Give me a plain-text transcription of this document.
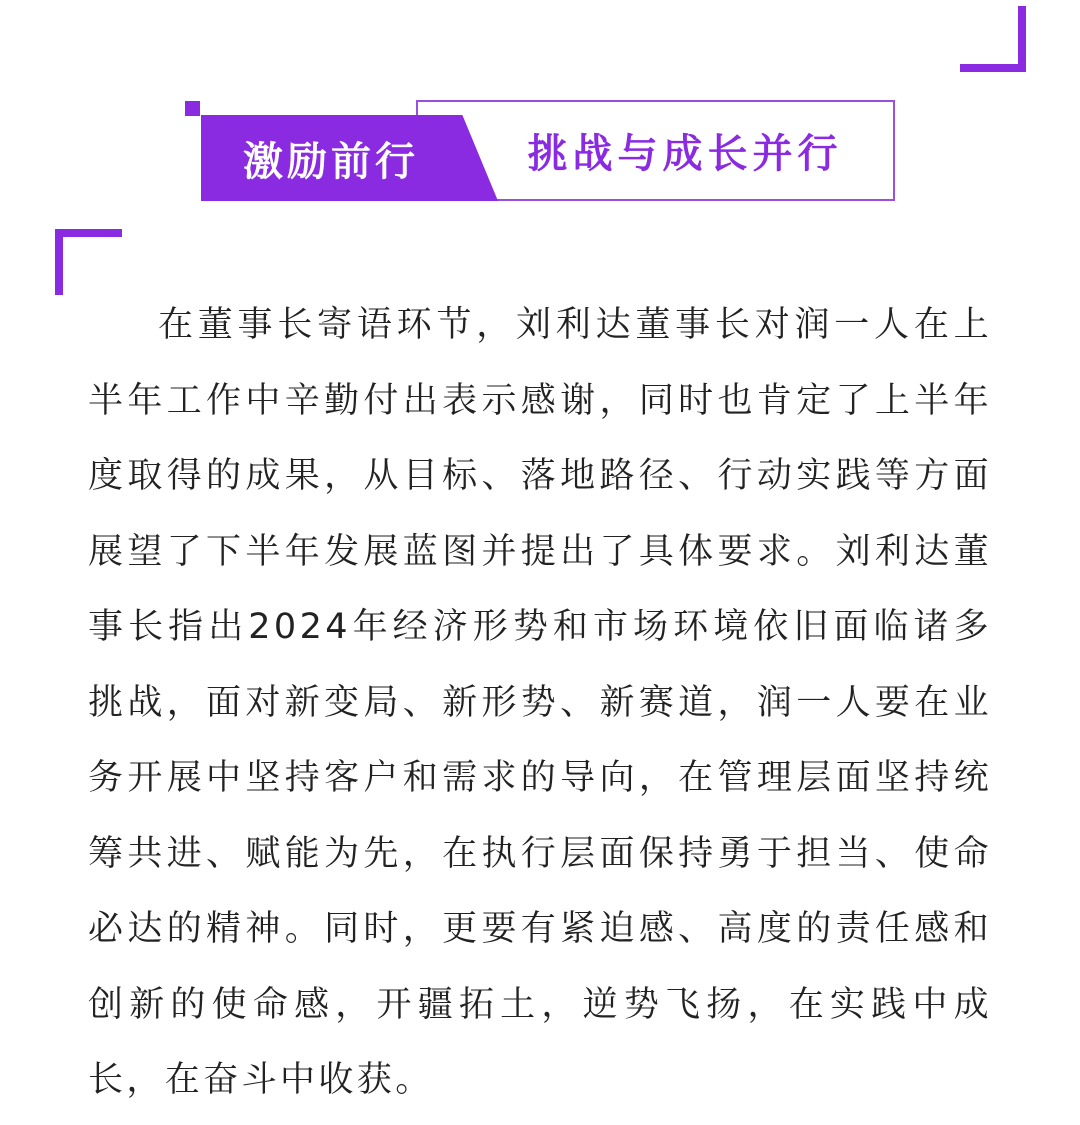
激励前行	挑战与成长并行

在董事长寄语环节，刘利达董事长对润一人在上半年工作中辛勤付出表示感谢，同时也肯定了上半年度取得的成果，从目标、落地路径、行动实践等方面展望了下半年发展蓝图并提出了具体要求。刘利达董事长指出2024年经济形势和市场环境依旧面临诸多挑战，面对新变局、新形势、新赛道，润一人要在业务开展中坚持客户和需求的导向，在管理层面坚持统筹共进、赋能为先，在执行层面保持勇于担当、使命必达的精神。同时，更要有紧迫感、高度的责任感和创新的使命感，开疆拓土，逆势飞扬，在实践中成长，在奋斗中收获。
